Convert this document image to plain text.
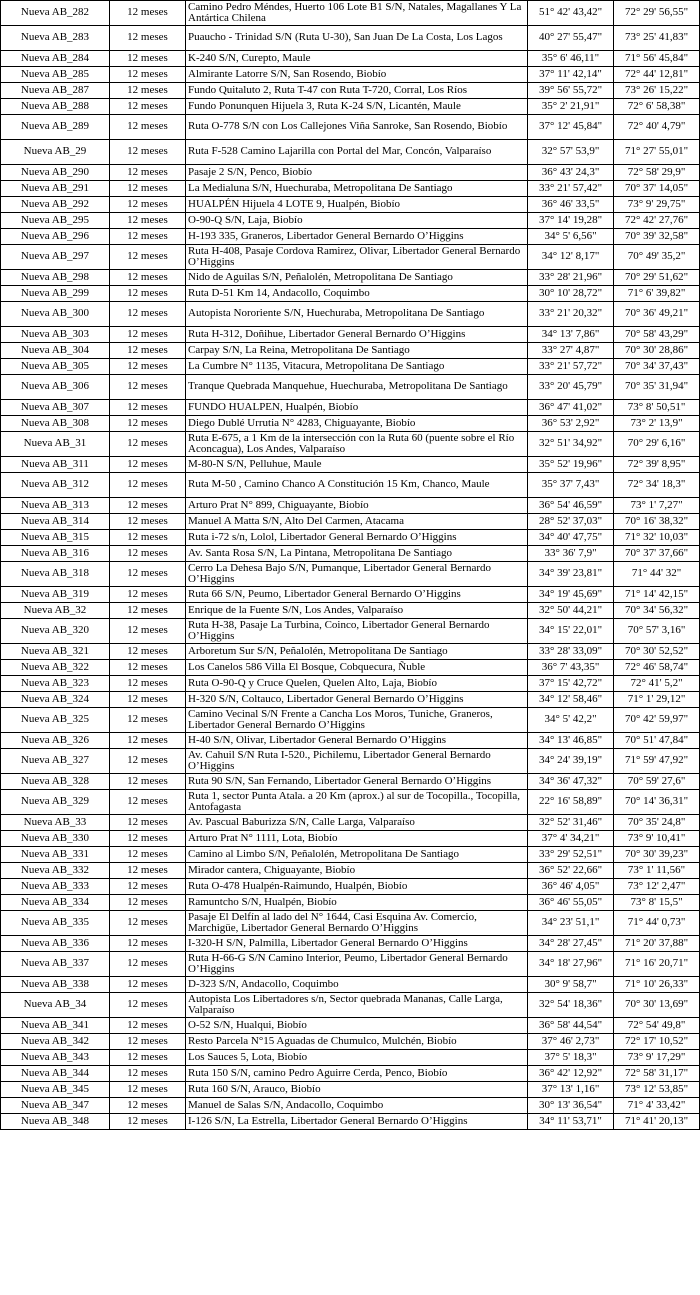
Nueva AB_282	12 meses	Camino Pedro Méndes, Huerto 106 Lote B1 S/N, Natales, Magallanes Y La Antártica Chilena	51° 42' 43,42"	72° 29' 56,55"
Nueva AB_283	12 meses	Puaucho - Trinidad S/N (Ruta U-30), San Juan De La Costa, Los Lagos	40° 27' 55,47"	73° 25' 41,83"
Nueva AB_284	12 meses	K-240 S/N, Curepto, Maule	35° 6' 46,11"	71° 56' 45,84"
Nueva AB_285	12 meses	Almirante Latorre S/N, San Rosendo, Biobío	37° 11' 42,14"	72° 44' 12,81"
Nueva AB_287	12 meses	Fundo Quitaluto 2, Ruta T-47 con Ruta T-720, Corral, Los Ríos	39° 56' 55,72"	73° 26' 15,22"
Nueva AB_288	12 meses	Fundo Ponunquen Hijuela 3, Ruta K-24 S/N, Licantén, Maule	35° 2' 21,91"	72° 6' 58,38"
Nueva AB_289	12 meses	Ruta O-778 S/N con Los Callejones Viña Sanroke, San Rosendo, Biobío	37° 12' 45,84"	72° 40' 4,79"
Nueva AB_29	12 meses	Ruta F-528 Camino Lajarilla con Portal del Mar, Concón, Valparaíso	32° 57' 53,9"	71° 27' 55,01"
Nueva AB_290	12 meses	Pasaje 2 S/N, Penco, Biobío	36° 43' 24,3"	72° 58' 29,9"
Nueva AB_291	12 meses	La Medialuna S/N, Huechuraba, Metropolitana De Santiago	33° 21' 57,42"	70° 37' 14,05"
Nueva AB_292	12 meses	HUALPÉN Hijuela 4 LOTE 9, Hualpén, Biobío	36° 46' 33,5"	73° 9' 29,75"
Nueva AB_295	12 meses	O-90-Q S/N, Laja, Biobío	37° 14' 19,28"	72° 42' 27,76"
Nueva AB_296	12 meses	H-193 335, Graneros, Libertador General Bernardo O’Higgins	34° 5' 6,56"	70° 39' 32,58"
Nueva AB_297	12 meses	Ruta H-408, Pasaje Cordova Ramirez, Olivar, Libertador General Bernardo O’Higgins	34° 12' 8,17"	70° 49' 35,2"
Nueva AB_298	12 meses	Nido de Aguilas S/N, Peñalolén, Metropolitana De Santiago	33° 28' 21,96"	70° 29' 51,62"
Nueva AB_299	12 meses	Ruta D-51 Km 14, Andacollo, Coquimbo	30° 10' 28,72"	71° 6' 39,82"
Nueva AB_300	12 meses	Autopista Nororiente S/N, Huechuraba, Metropolitana De Santiago	33° 21' 20,32"	70° 36' 49,21"
Nueva AB_303	12 meses	Ruta H-312, Doñihue, Libertador General Bernardo O’Higgins	34° 13' 7,86"	70° 58' 43,29"
Nueva AB_304	12 meses	Carpay S/N, La Reina, Metropolitana De Santiago	33° 27' 4,87"	70° 30' 28,86"
Nueva AB_305	12 meses	La Cumbre N° 1135, Vitacura, Metropolitana De Santiago	33° 21' 57,72"	70° 34' 37,43"
Nueva AB_306	12 meses	Tranque Quebrada Manquehue, Huechuraba, Metropolitana De Santiago	33° 20' 45,79"	70° 35' 31,94"
Nueva AB_307	12 meses	FUNDO HUALPEN, Hualpén, Biobío	36° 47' 41,02"	73° 8' 50,51"
Nueva AB_308	12 meses	Diego Dublé Urrutia N° 4283, Chiguayante, Biobío	36° 53' 2,92"	73° 2' 13,9"
Nueva AB_31	12 meses	Ruta E-675, a 1 Km de la intersección con la Ruta 60 (puente sobre el Río Aconcagua), Los Andes, Valparaíso	32° 51' 34,92"	70° 29' 6,16"
Nueva AB_311	12 meses	M-80-N S/N, Pelluhue, Maule	35° 52' 19,96"	72° 39' 8,95"
Nueva AB_312	12 meses	Ruta M-50 , Camino Chanco A Constitución 15 Km, Chanco, Maule	35° 37' 7,43"	72° 34' 18,3"
Nueva AB_313	12 meses	Arturo Prat N° 899, Chiguayante, Biobío	36° 54' 46,59"	73° 1' 7,27"
Nueva AB_314	12 meses	Manuel A Matta S/N, Alto Del Carmen, Atacama	28° 52' 37,03"	70° 16' 38,32"
Nueva AB_315	12 meses	Ruta i-72 s/n, Lolol, Libertador General Bernardo O’Higgins	34° 40' 47,75"	71° 32' 10,03"
Nueva AB_316	12 meses	Av. Santa Rosa S/N, La Pintana, Metropolitana De Santiago	33° 36' 7,9"	70° 37' 37,66"
Nueva AB_318	12 meses	Cerro La Dehesa Bajo S/N, Pumanque, Libertador General Bernardo O’Higgins	34° 39' 23,81"	71° 44' 32"
Nueva AB_319	12 meses	Ruta 66 S/N, Peumo, Libertador General Bernardo O’Higgins	34° 19' 45,69"	71° 14' 42,15"
Nueva AB_32	12 meses	Enrique de la Fuente S/N, Los Andes, Valparaíso	32° 50' 44,21"	70° 34' 56,32"
Nueva AB_320	12 meses	Ruta H-38, Pasaje La Turbina, Coinco, Libertador General Bernardo O’Higgins	34° 15' 22,01"	70° 57' 3,16"
Nueva AB_321	12 meses	Arboretum Sur S/N, Peñalolén, Metropolitana De Santiago	33° 28' 33,09"	70° 30' 52,52"
Nueva AB_322	12 meses	Los Canelos 586 Villa El Bosque, Cobquecura, Ñuble	36° 7' 43,35"	72° 46' 58,74"
Nueva AB_323	12 meses	Ruta O-90-Q y Cruce Quelen, Quelen Alto, Laja, Biobío	37° 15' 42,72"	72° 41' 5,2"
Nueva AB_324	12 meses	H-320 S/N, Coltauco, Libertador General Bernardo O’Higgins	34° 12' 58,46"	71° 1' 29,12"
Nueva AB_325	12 meses	Camino Vecinal S/N Frente a Cancha Los Moros, Tuniche, Graneros, Libertador General Bernardo O’Higgins	34° 5' 42,2"	70° 42' 59,97"
Nueva AB_326	12 meses	H-40 S/N, Olivar, Libertador General Bernardo O’Higgins	34° 13' 46,85"	70° 51' 47,84"
Nueva AB_327	12 meses	Av. Cahuil S/N Ruta I-520., Pichilemu, Libertador General Bernardo O’Higgins	34° 24' 39,19"	71° 59' 47,92"
Nueva AB_328	12 meses	Ruta 90 S/N, San Fernando, Libertador General Bernardo O’Higgins	34° 36' 47,32"	70° 59' 27,6"
Nueva AB_329	12 meses	Ruta 1, sector Punta Atala. a 20 Km (aprox.) al sur de Tocopilla., Tocopilla, Antofagasta	22° 16' 58,89"	70° 14' 36,31"
Nueva AB_33	12 meses	Av. Pascual Baburizza S/N, Calle Larga, Valparaíso	32° 52' 31,46"	70° 35' 24,8"
Nueva AB_330	12 meses	Arturo Prat N° 1111, Lota, Biobío	37° 4' 34,21"	73° 9' 10,41"
Nueva AB_331	12 meses	Camino al Limbo S/N, Peñalolén, Metropolitana De Santiago	33° 29' 52,51"	70° 30' 39,23"
Nueva AB_332	12 meses	Mirador cantera, Chiguayante, Biobío	36° 52' 22,66"	73° 1' 11,56"
Nueva AB_333	12 meses	Ruta O-478 Hualpén-Raimundo, Hualpén, Biobío	36° 46' 4,05"	73° 12' 2,47"
Nueva AB_334	12 meses	Ramuntcho S/N, Hualpén, Biobío	36° 46' 55,05"	73° 8' 15,5"
Nueva AB_335	12 meses	Pasaje El Delfín al lado del N° 1644, Casi Esquina Av. Comercio, Marchigüe, Libertador General Bernardo O’Higgins	34° 23' 51,1"	71° 44' 0,73"
Nueva AB_336	12 meses	I-320-H S/N, Palmilla, Libertador General Bernardo O’Higgins	34° 28' 27,45"	71° 20' 37,88"
Nueva AB_337	12 meses	Ruta H-66-G S/N Camino Interior, Peumo, Libertador General Bernardo O’Higgins	34° 18' 27,96"	71° 16' 20,71"
Nueva AB_338	12 meses	D-323 S/N, Andacollo, Coquimbo	30° 9' 58,7"	71° 10' 26,33"
Nueva AB_34	12 meses	Autopista Los Libertadores s/n, Sector quebrada Mananas, Calle Larga, Valparaíso	32° 54' 18,36"	70° 30' 13,69"
Nueva AB_341	12 meses	O-52 S/N, Hualqui, Biobío	36° 58' 44,54"	72° 54' 49,8"
Nueva AB_342	12 meses	Resto Parcela N°15 Aguadas de Chumulco, Mulchén, Biobío	37° 46' 2,73"	72° 17' 10,52"
Nueva AB_343	12 meses	Los Sauces 5, Lota, Biobío	37° 5' 18,3"	73° 9' 17,29"
Nueva AB_344	12 meses	Ruta 150 S/N, camino Pedro Aguirre Cerda, Penco, Biobío	36° 42' 12,92"	72° 58' 31,17"
Nueva AB_345	12 meses	Ruta 160 S/N, Arauco, Biobío	37° 13' 1,16"	73° 12' 53,85"
Nueva AB_347	12 meses	Manuel de Salas S/N, Andacollo, Coquimbo	30° 13' 36,54"	71° 4' 33,42"
Nueva AB_348	12 meses	I-126 S/N, La Estrella, Libertador General Bernardo O’Higgins	34° 11' 53,71"	71° 41' 20,13"
